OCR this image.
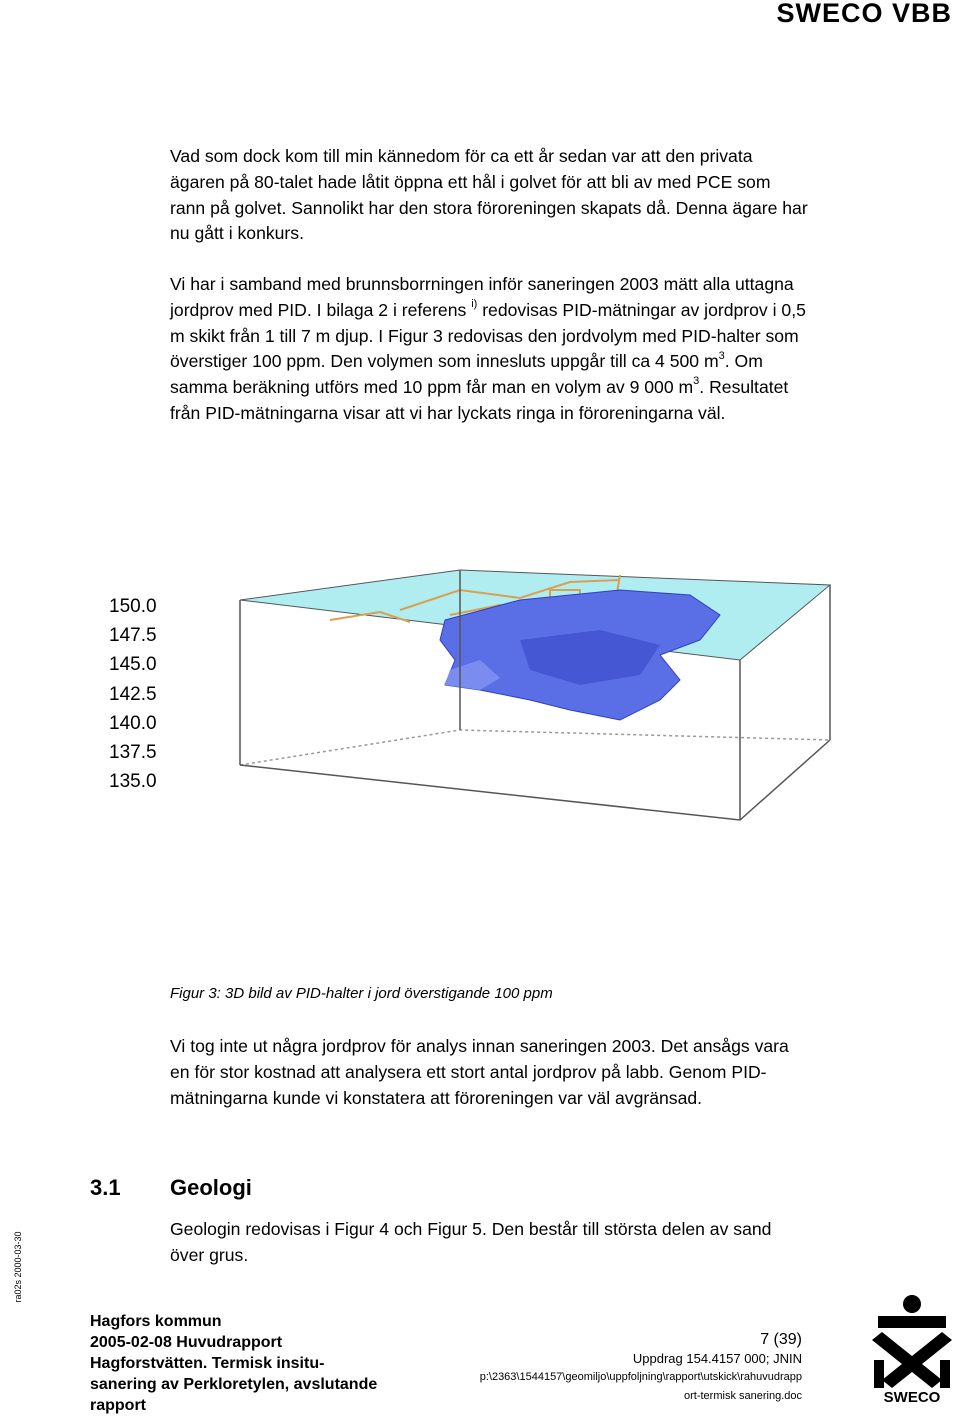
SWECO VBB

Vad som dock kom till min kännedom för ca ett år sedan var att den privata ägaren på 80-talet hade låtit öppna ett hål i golvet för att bli av med PCE som rann på golvet. Sannolikt har den stora föroreningen skapats då. Denna ägare har nu gått i konkurs.

Vi har i samband med brunnsborrningen inför saneringen 2003 mätt alla uttagna jordprov med PID. I bilaga 2 i referens $^{i)}$ redovisas PID-mätningar av jordprov i 0,5 m skikt från 1 till 7 m djup. I Figur 3 redovisas den jordvolym med PID-halter som överstiger 100 ppm. Den volymen som innesluts uppgår till ca 4 500 $m^3$. Om samma beräkning utförs med 10 ppm får man en volym av 9 000 $m^3$. Resultatet från PID-mätningarna visar att vi har lyckats ringa in föroreningarna väl.

150.0
147.5
145.0
142.5
140.0
137.5
135.0
Figur 3: 3D bild av PID-halter i jord överstigande 100 ppm

Vi tog inte ut några jordprov för analys innan saneringen 2003. Det ansågs vara en för stor kostnad att analysera ett stort antal jordprov på labb. Genom PID-mätningarna kunde vi konstatera att föroreningen var väl avgränsad.

3.1 Geologi

Geologin redovisas i Figur 4 och Figur 5. Den består till största delen av sand över grus.

ra02s 2000-03-30
Hagfors kommun
2005-02-08 Huvudrapport
Hagforstvätten. Termisk insitu-
sanering av Perkloretylen, avslutande
rapport
7 (39)
Uppdrag 154.4157 000; JNIN
p:\2363\1544157\geomiljo\uppfoljning\rapport\utskick\rahuvudrapp
ort-termisk sanering.doc	SWECO
